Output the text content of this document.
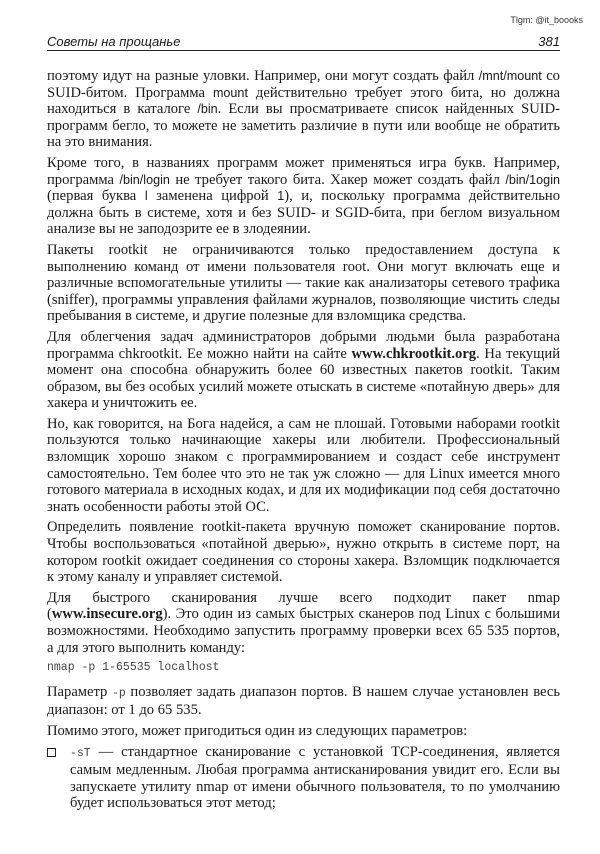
Tlgm: @it_boooks
Советы на прощанье	381

поэтому идут на разные уловки. Например, они могут создать файл /mnt/mount со SUID-битом. Программа mount действительно требует этого бита, но должна находиться в каталоге /bin. Если вы просматриваете список найденных SUID-программ бегло, то можете не заметить различие в пути или вообще не обратить на это внимания.

Кроме того, в названиях программ может применяться игра букв. Например, программа /bin/login не требует такого бита. Хакер может создать файл /bin/1ogin (первая буква l заменена цифрой 1), и, поскольку программа действительно должна быть в системе, хотя и без SUID- и SGID-бита, при беглом визуальном анализе вы не заподозрите ее в злодеянии.

Пакеты rootkit не ограничиваются только предоставлением доступа к выполнению команд от имени пользователя root. Они могут включать еще и различные вспомогательные утилиты — такие как анализаторы сетевого трафика (sniffer), программы управления файлами журналов, позволяющие чистить следы пребывания в системе, и другие полезные для взломщика средства.

Для облегчения задач администраторов добрыми людьми была разработана программа chkrootkit. Ее можно найти на сайте www.chkrootkit.org. На текущий момент она способна обнаружить более 60 известных пакетов rootkit. Таким образом, вы без особых усилий можете отыскать в системе «потайную дверь» для хакера и уничтожить ее.

Но, как говорится, на Бога надейся, а сам не плошай. Готовыми наборами rootkit пользуются только начинающие хакеры или любители. Профессиональный взломщик хорошо знаком с программированием и создаст себе инструмент самостоятельно. Тем более что это не так уж сложно — для Linux имеется много готового материала в исходных кодах, и для их модификации под себя достаточно знать особенности работы этой ОС.

Определить появление rootkit-пакета вручную поможет сканирование портов. Чтобы воспользоваться «потайной дверью», нужно открыть в системе порт, на котором rootkit ожидает соединения со стороны хакера. Взломщик подключается к этому каналу и управляет системой.

Для быстрого сканирования лучше всего подходит пакет nmap (www.insecure.org). Это один из самых быстрых сканеров под Linux с большими возможностями. Необходимо запустить программу проверки всех 65 535 портов, а для этого выполнить команду:

nmap -p 1-65535 localhost

Параметр -p позволяет задать диапазон портов. В нашем случае установлен весь диапазон: от 1 до 65 535.

Помимо этого, может пригодиться один из следующих параметров:

-sT — стандартное сканирование с установкой TCP-соединения, является самым медленным. Любая программа антисканирования увидит его. Если вы запускаете утилиту nmap от имени обычного пользователя, то по умолчанию будет использоваться этот метод;
